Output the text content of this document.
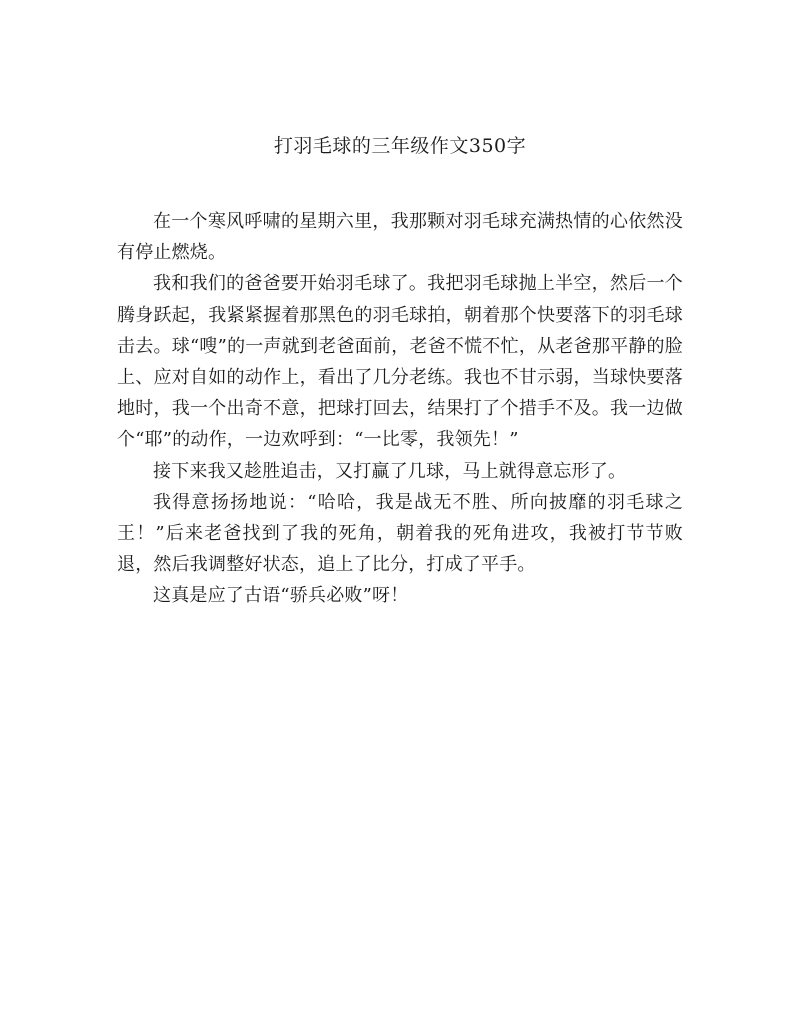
打羽毛球的三年级作文350字

在一个寒风呼啸的星期六里，我那颗对羽毛球充满热情的心依然没有停止燃烧。

我和我们的爸爸要开始羽毛球了。我把羽毛球抛上半空，然后一个腾身跃起，我紧紧握着那黑色的羽毛球拍，朝着那个快要落下的羽毛球击去。球“嗖”的一声就到老爸面前，老爸不慌不忙，从老爸那平静的脸上、应对自如的动作上，看出了几分老练。我也不甘示弱，当球快要落地时，我一个出奇不意，把球打回去，结果打了个措手不及。我一边做个“耶”的动作，一边欢呼到：“一比零，我领先！”

接下来我又趁胜追击，又打赢了几球，马上就得意忘形了。

我得意扬扬地说：“哈哈，我是战无不胜、所向披靡的羽毛球之王！”后来老爸找到了我的死角，朝着我的死角进攻，我被打节节败退，然后我调整好状态，追上了比分，打成了平手。

这真是应了古语“骄兵必败”呀！
